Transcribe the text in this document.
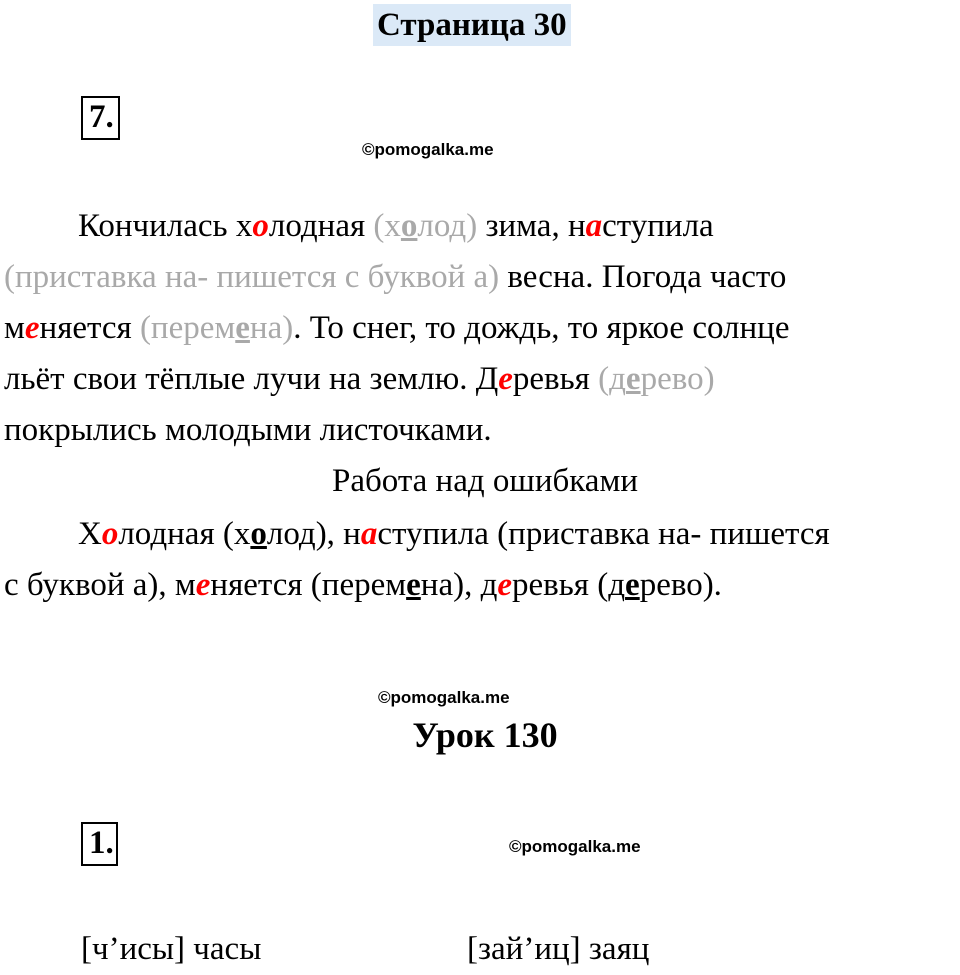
Страница 30
7.
©pomogalka.me
Кончилась холодная (холод) зима, наступила
(приставка на- пишется с буквой а) весна. Погода часто
меняется (перемена). То снег, то дождь, то яркое солнце
льёт свои тёплые лучи на землю. Деревья (дерево)
покрылись молодыми листочками.
Работа над ошибками
Холодная (холод), наступила (приставка на- пишется
с буквой а), меняется (перемена), деревья (дерево).
©pomogalka.me
Урок 130
1.	©pomogalka.me
[ч’исы] часы	[зай’иц] заяц
